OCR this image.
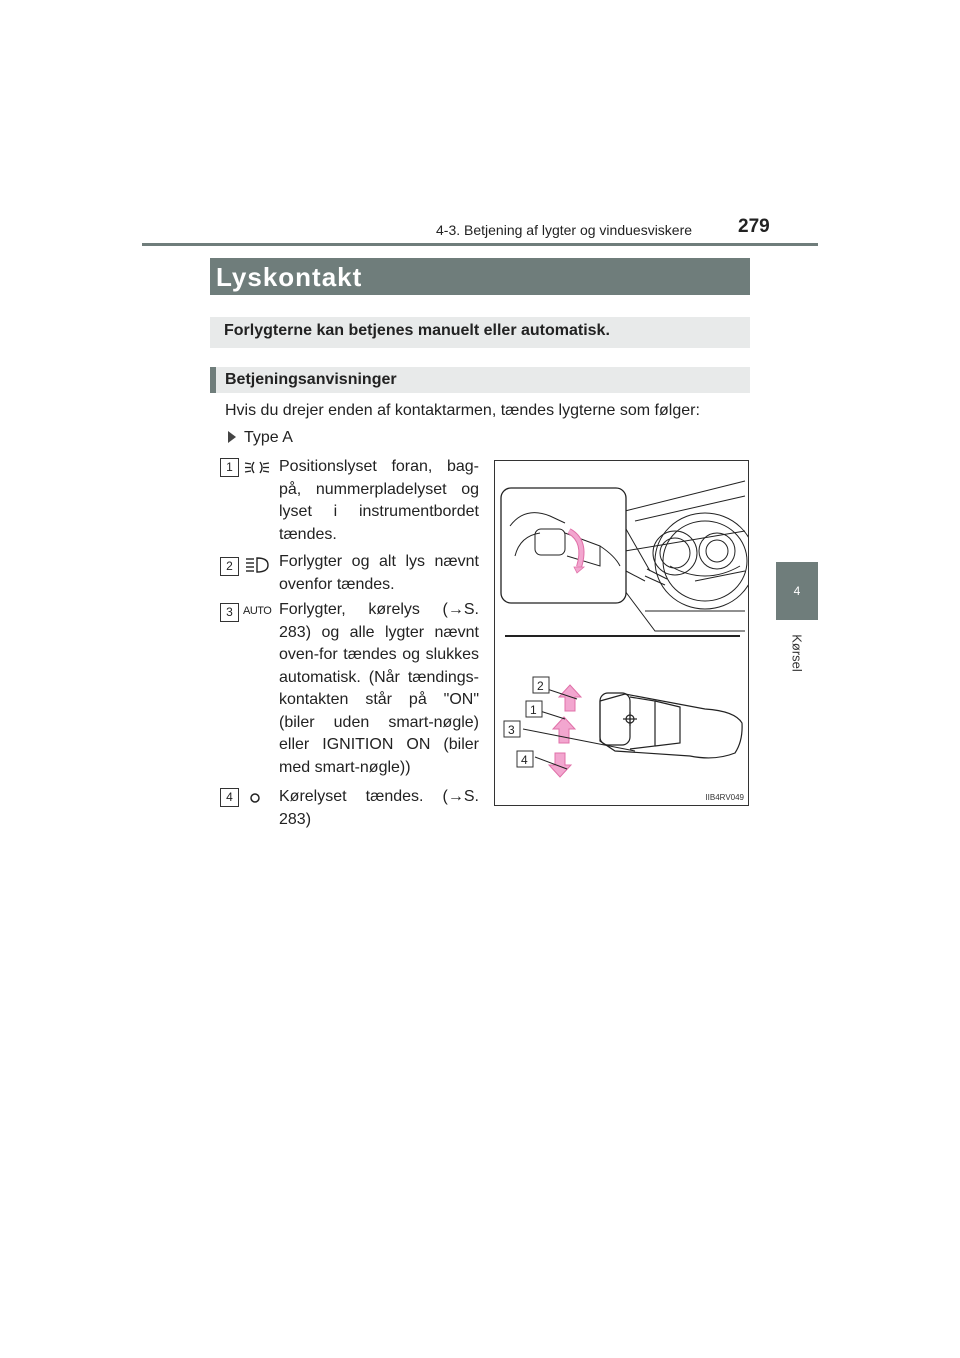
4-3. Betjening af lygter og vinduesviskere 279
4
Kørsel
Lyskontakt
Forlygterne kan betjenes manuelt eller automatisk.
Betjeningsanvisninger
Hvis du drejer enden af kontaktarmen, tændes lygterne som følger:
Type A
1	Positionslyset foran, bag-på, nummerpladelyset og lyset i instrumentbordet tændes.
2	Forlygter og alt lys nævnt ovenfor tændes.
3 AUTO Forlygter, kørelys (→S. 283) og alle lygter nævnt oven-for tændes og slukkes automatisk. (Når tændings-kontakten står på "ON" (biler uden smart-nøgle) eller IGNITION ON (biler med smart-nøgle))
4	Kørelyset tændes. (→S. 283)
2
1
3
4
IIB4RV049
